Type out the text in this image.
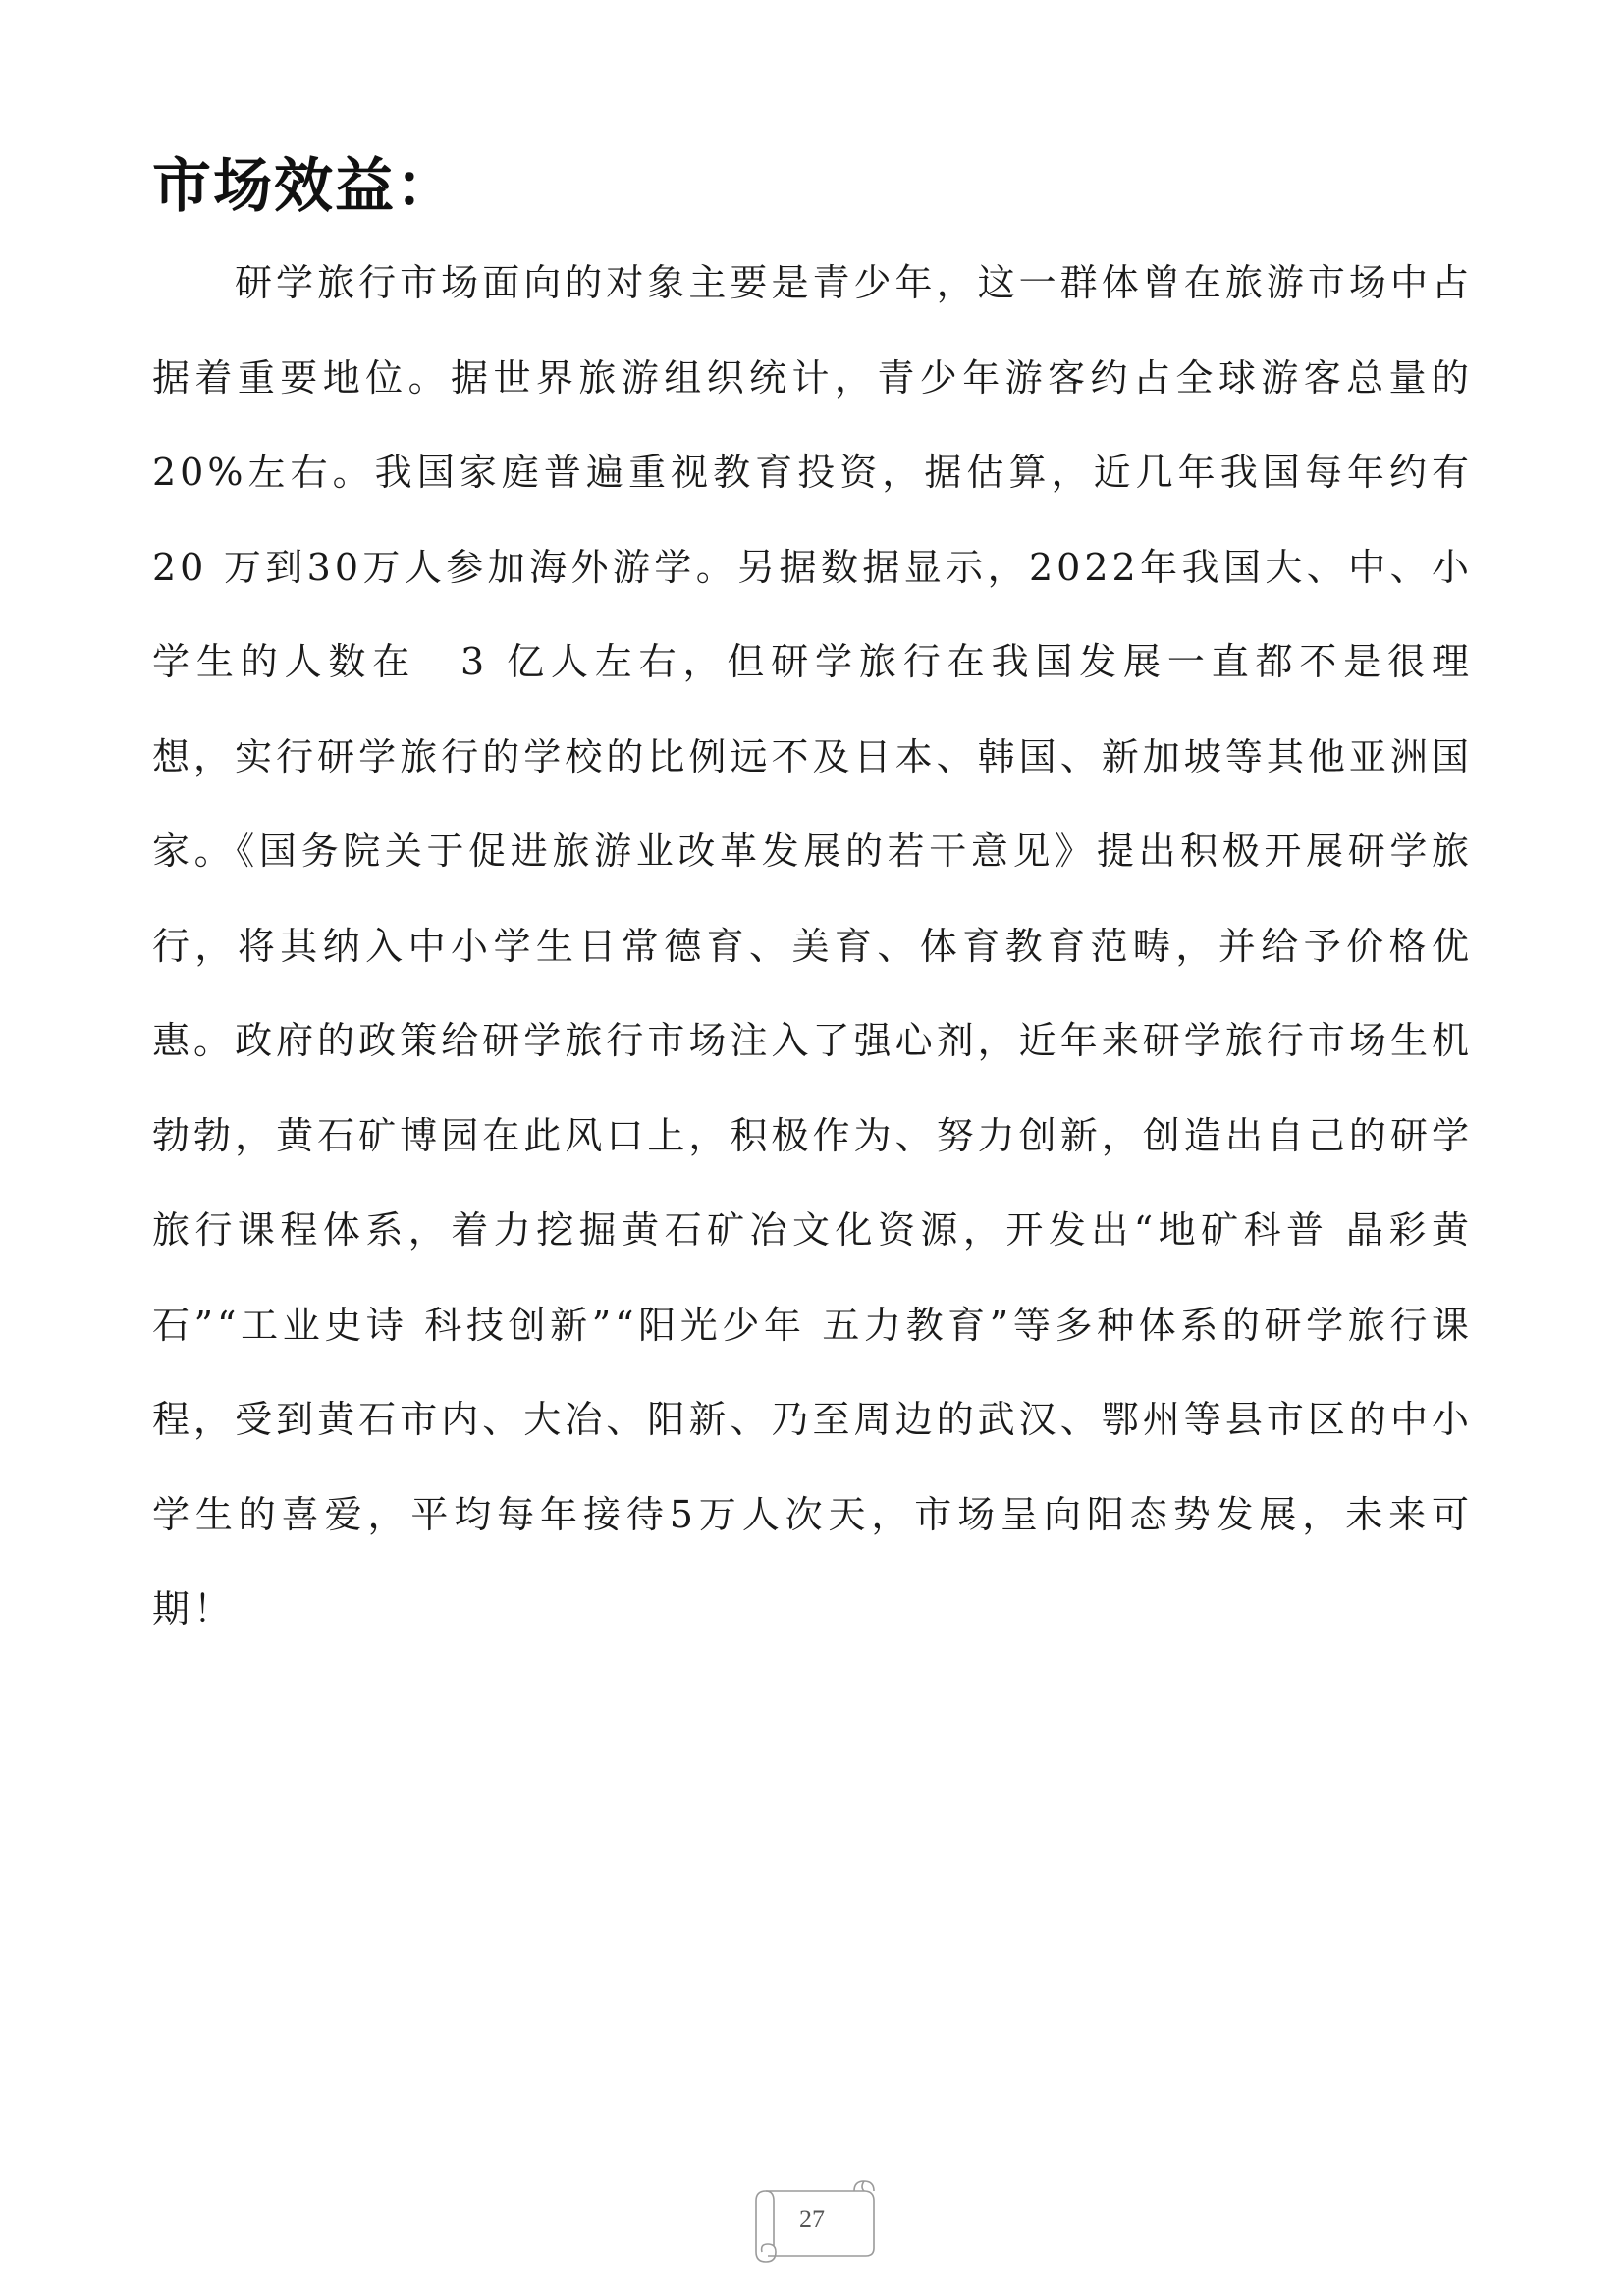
市场效益：

研学旅行市场面向的对象主要是青少年，这一群体曾在旅游市场中占据着重要地位。据世界旅游组织统计，青少年游客约占全球游客总量的 20%左右。我国家庭普遍重视教育投资，据估算，近几年我国每年约有 20 万到30万人参加海外游学。另据数据显示，2022年我国大、中、小学生的人数在　3 亿人左右，但研学旅行在我国发展一直都不是很理想，实行研学旅行的学校的比例远不及日本、韩国、新加坡等其他亚洲国家。《国务院关于促进旅游业改革发展的若干意见》提出积极开展研学旅行，将其纳入中小学生日常德育、美育、体育教育范畴，并给予价格优惠。政府的政策给研学旅行市场注入了强心剂，近年来研学旅行市场生机勃勃，黄石矿博园在此风口上，积极作为、努力创新，创造出自己的研学旅行课程体系，着力挖掘黄石矿冶文化资源，开发出“地矿科普 晶彩黄石”“工业史诗 科技创新”“阳光少年 五力教育”等多种体系的研学旅行课程，受到黄石市内、大冶、阳新、乃至周边的武汉、鄂州等县市区的中小学生的喜爱，平均每年接待5万人次天，市场呈向阳态势发展，未来可期！

27
